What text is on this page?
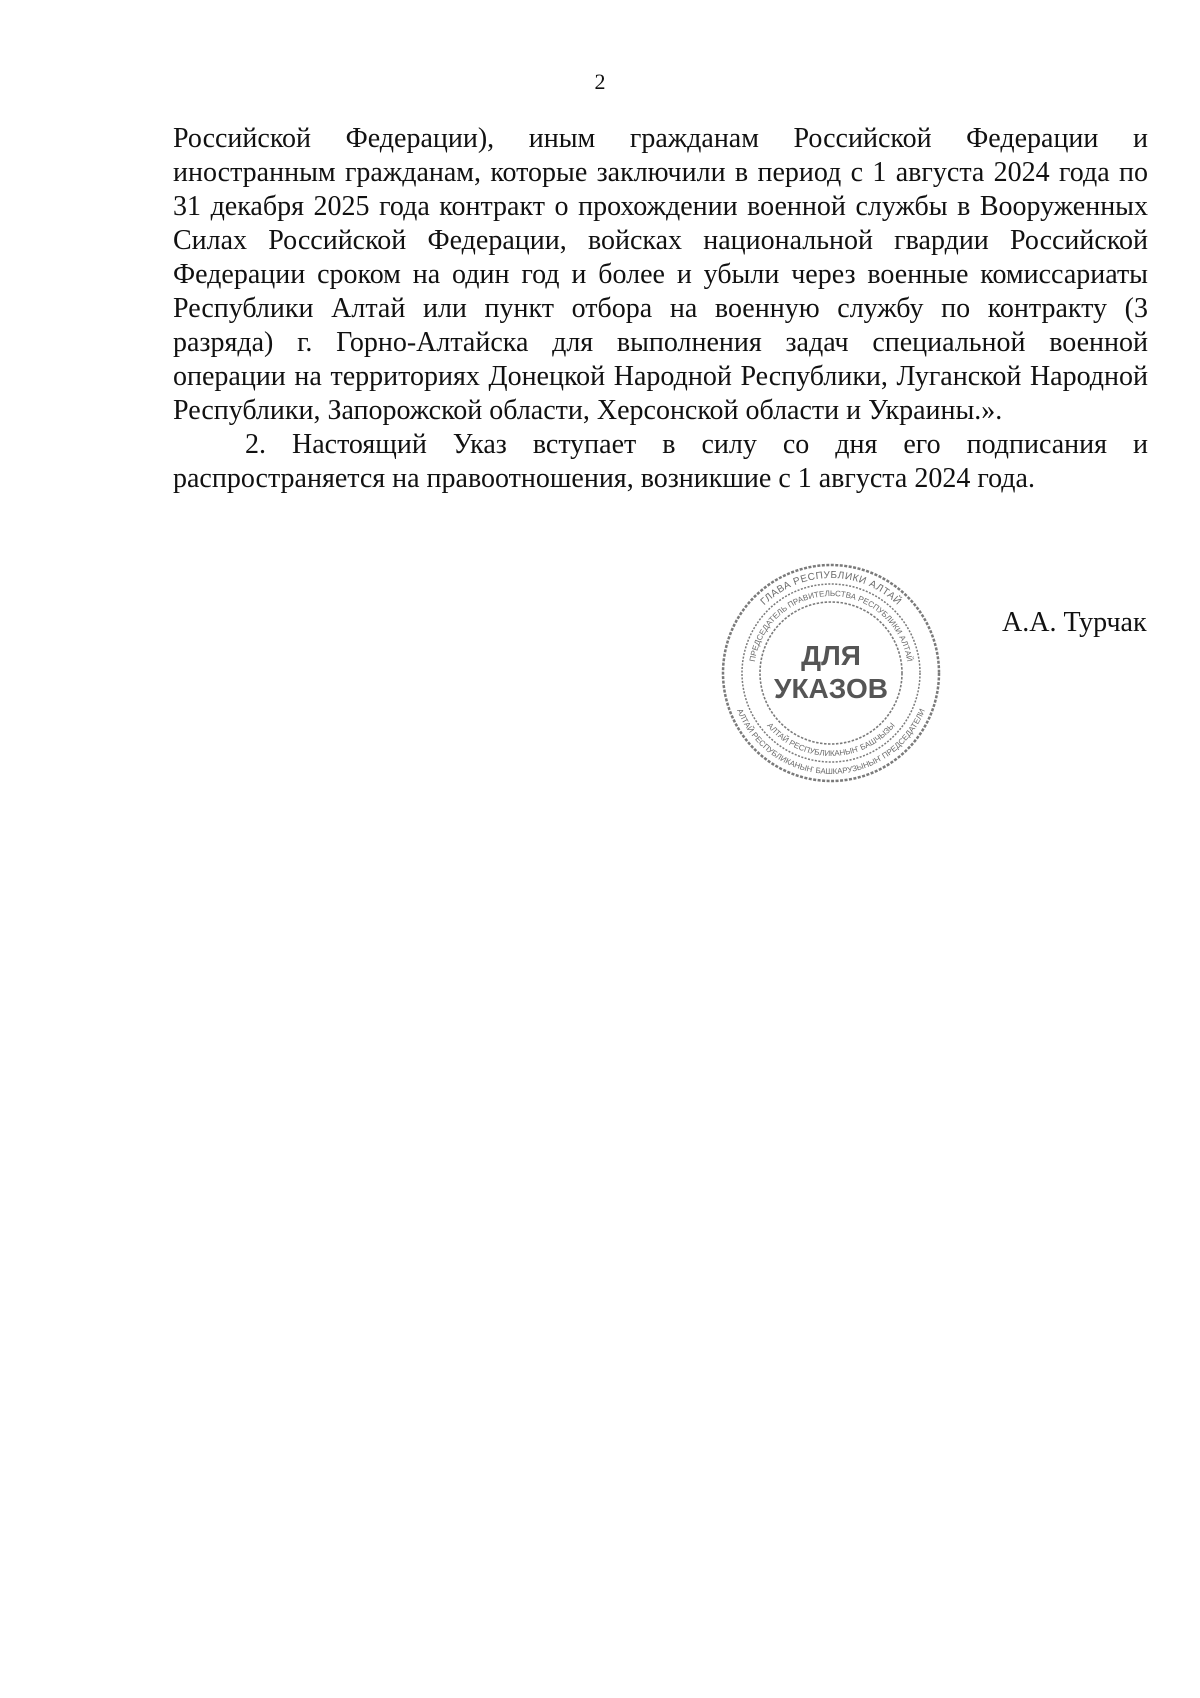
2

Российской Федерации), иным гражданам Российской Федерации и иностранным гражданам, которые заключили в период с 1 августа 2024 года по 31 декабря 2025 года контракт о прохождении военной службы в Вооруженных Силах Российской Федерации, войсках национальной гвардии Российской Федерации сроком на один год и более и убыли через военные комиссариаты Республики Алтай или пункт отбора на военную службу по контракту (3 разряда) г. Горно-Алтайска для выполнения задач специальной военной операции на территориях Донецкой Народной Республики, Луганской Народной Республики, Запорожской области, Херсонской области и Украины.».

2. Настоящий Указ вступает в силу со дня его подписания и распространяется на правоотношения, возникшие с 1 августа 2024 года.

ГЛАВА РЕСПУБЛИКИ АЛТАЙ
ПРЕДСЕДАТЕЛЬ ПРАВИТЕЛЬСТВА РЕСПУБЛИКИ АЛТАЙ
АЛТАЙ РЕСПУБЛИКАНЫҤ БАШКАРУЗЫНЫҤ ПРЕДСЕДАТЕЛИ
АЛТАЙ РЕСПУБЛИКАНЫҤ БАШЧЫЗЫ
ДЛЯ
УКАЗОВ
А.А. Турчак
